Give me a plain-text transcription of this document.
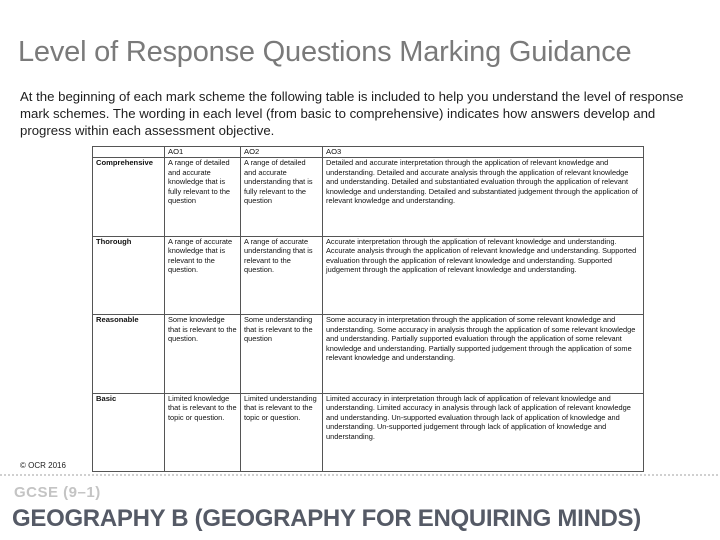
Level of Response Questions Marking Guidance
At the beginning of each mark scheme the following table is included to help you understand the level of response mark schemes. The wording in each level (from basic to comprehensive) indicates how answers develop and progress within each assessment objective.
	AO1	AO2	AO3
Comprehensive	A range of detailed and accurate knowledge that is fully relevant to the question	A range of detailed and accurate understanding that is fully relevant to the question	Detailed and accurate interpretation through the application of relevant knowledge and understanding. Detailed and accurate analysis through the application of relevant knowledge and understanding. Detailed and substantiated evaluation through the application of relevant knowledge and understanding. Detailed and substantiated judgement through the application of relevant knowledge and understanding.
Thorough	A range of accurate knowledge that is relevant to the question.	A range of accurate understanding that is relevant to the question.	Accurate interpretation through the application of relevant knowledge and understanding. Accurate analysis through the application of relevant knowledge and understanding. Supported evaluation through the application of relevant knowledge and understanding. Supported judgement through the application of relevant knowledge and understanding.
Reasonable	Some knowledge that is relevant to the question.	Some understanding that is relevant to the question	Some accuracy in interpretation through the application of some relevant knowledge and understanding. Some accuracy in analysis through the application of some relevant knowledge and understanding. Partially supported evaluation through the application of some relevant knowledge and understanding. Partially supported judgement through the application of some relevant knowledge and understanding.
Basic	Limited knowledge that is relevant to the topic or question.	Limited understanding that is relevant to the topic or question.	Limited accuracy in interpretation through lack of application of relevant knowledge and understanding. Limited accuracy in analysis through lack of application of relevant knowledge and understanding. Un-supported evaluation through lack of application of knowledge and understanding. Un-supported judgement through lack of application of knowledge and understanding.
© OCR 2016
GCSE (9–1)
GEOGRAPHY B (GEOGRAPHY FOR ENQUIRING MINDS)
